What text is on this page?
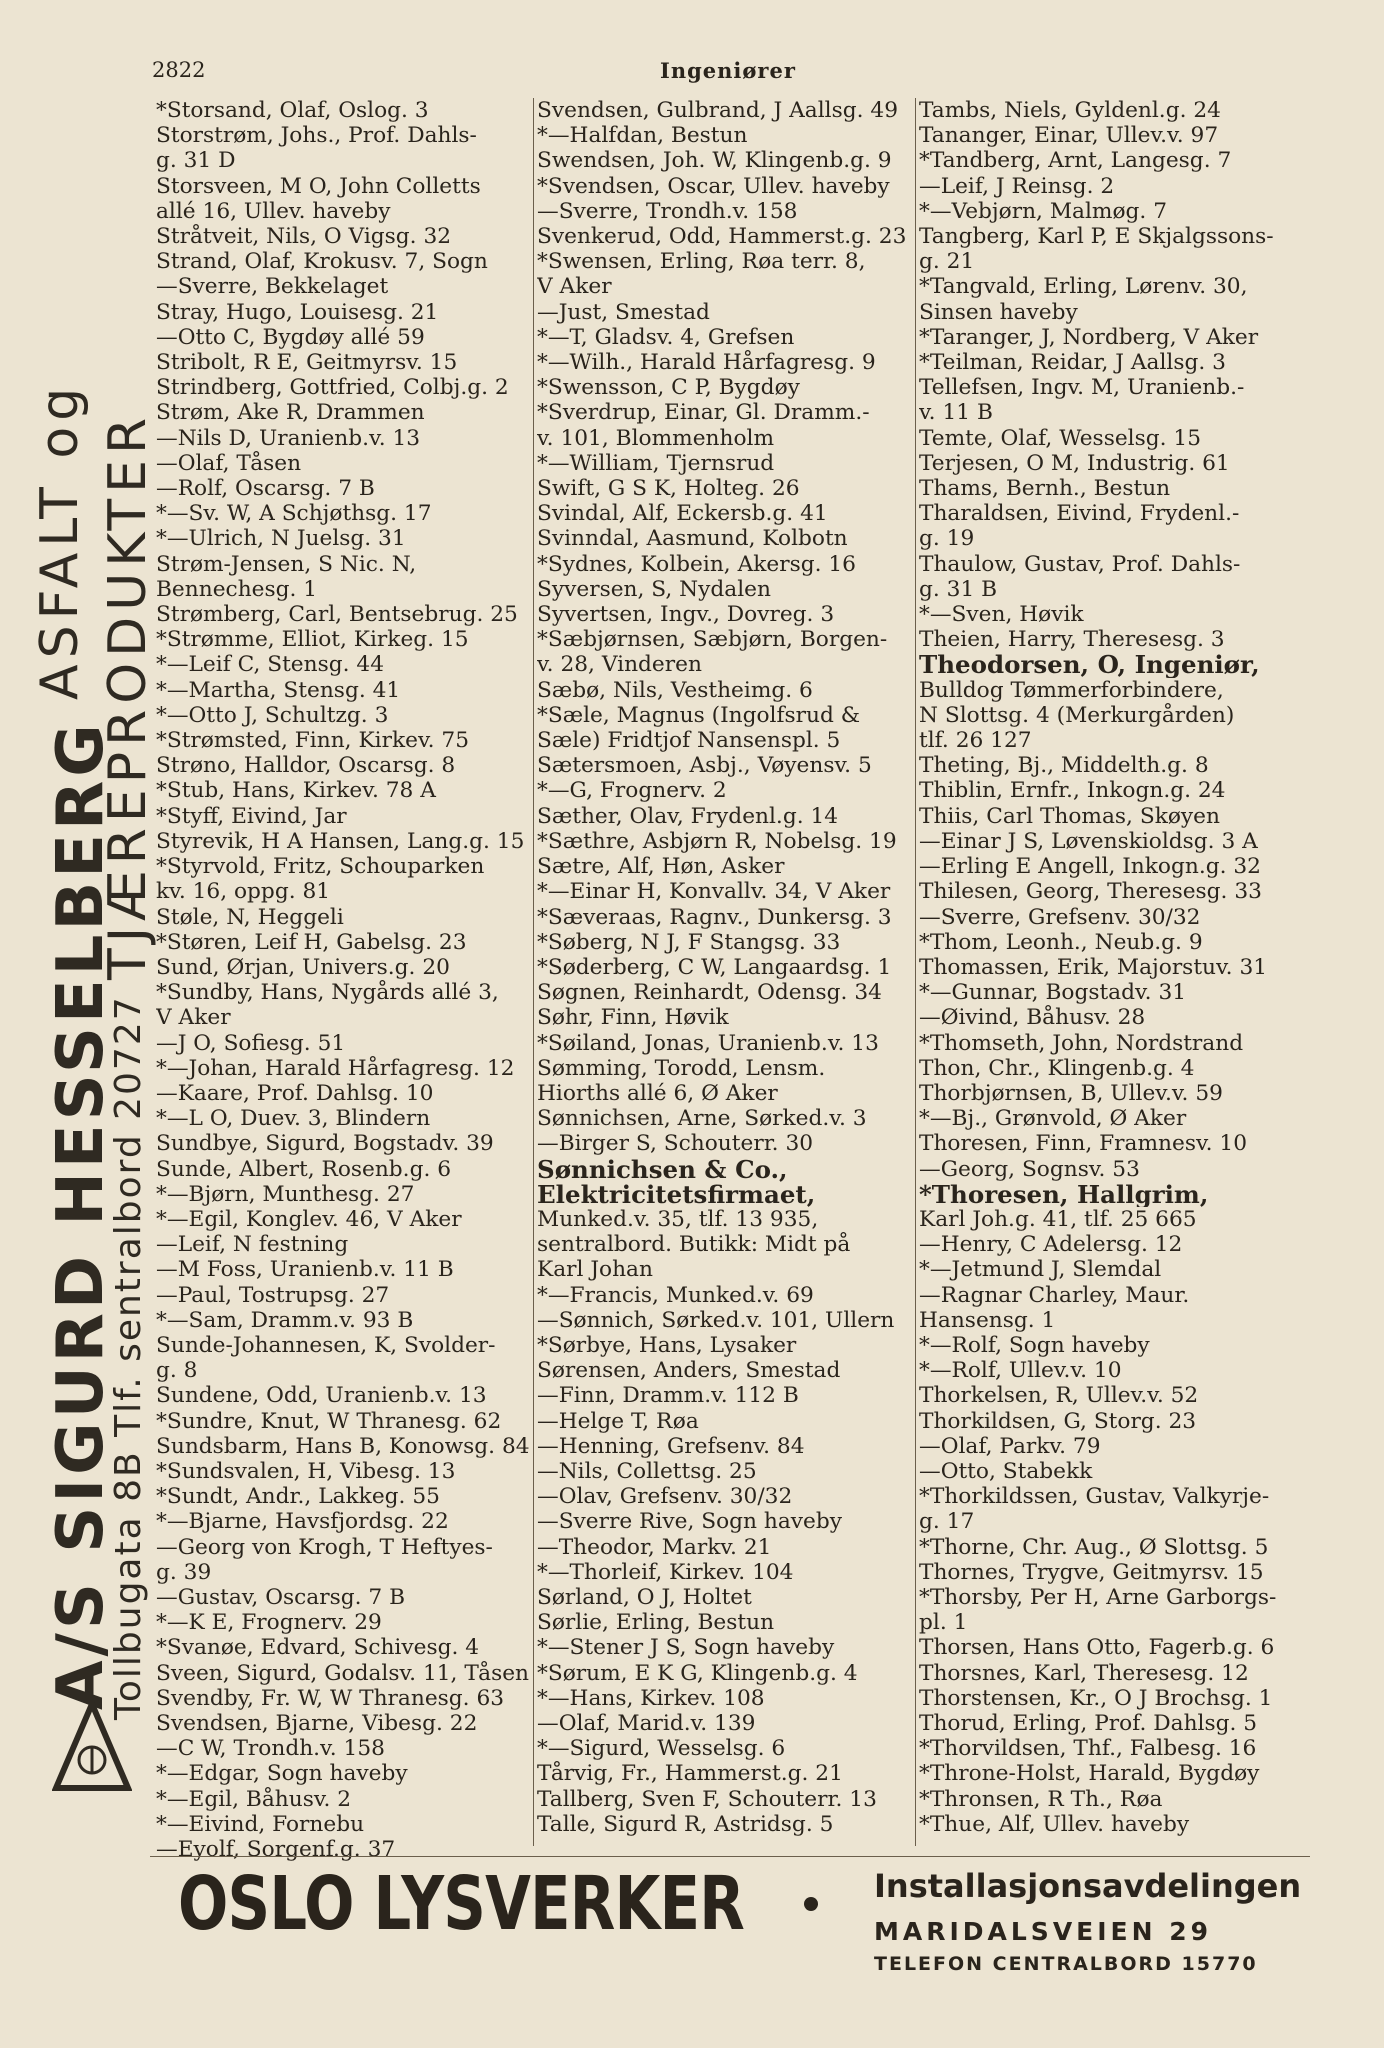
2822	Ingeniører
A/S SIGURD HESSELBERG
Tollbugata 8B Tlf. sentralbord 20727
ASFALT og TJÆREPRODUKTER
*Storsand, Olaf, Oslog. 3
Storstrøm, Johs., Prof. Dahls-
g. 31 D
Storsveen, M O, John Colletts
allé 16, Ullev. haveby
Stråtveit, Nils, O Vigsg. 32
Strand, Olaf, Krokusv. 7, Sogn
—Sverre, Bekkelaget
Stray, Hugo, Louisesg. 21
—Otto C, Bygdøy allé 59
Stribolt, R E, Geitmyrsv. 15
Strindberg, Gottfried, Colbj.g. 2
Strøm, Ake R, Drammen
—Nils D, Uranienb.v. 13
—Olaf, Tåsen
—Rolf, Oscarsg. 7 B
*—Sv. W, A Schjøthsg. 17
*—Ulrich, N Juelsg. 31
Strøm-Jensen, S Nic. N,
Bennechesg. 1
Strømberg, Carl, Bentsebrug. 25
*Strømme, Elliot, Kirkeg. 15
*—Leif C, Stensg. 44
*—Martha, Stensg. 41
*—Otto J, Schultzg. 3
*Strømsted, Finn, Kirkev. 75
Strøno, Halldor, Oscarsg. 8
*Stub, Hans, Kirkev. 78 A
*Styff, Eivind, Jar
Styrevik, H A Hansen, Lang.g. 15
*Styrvold, Fritz, Schouparken
kv. 16, oppg. 81
Støle, N, Heggeli
*Støren, Leif H, Gabelsg. 23
Sund, Ørjan, Univers.g. 20
*Sundby, Hans, Nygårds allé 3,
V Aker
—J O, Sofiesg. 51
*—Johan, Harald Hårfagresg. 12
—Kaare, Prof. Dahlsg. 10
*—L O, Duev. 3, Blindern
Sundbye, Sigurd, Bogstadv. 39
Sunde, Albert, Rosenb.g. 6
*—Bjørn, Munthesg. 27
*—Egil, Konglev. 46, V Aker
—Leif, N festning
—M Foss, Uranienb.v. 11 B
—Paul, Tostrupsg. 27
*—Sam, Dramm.v. 93 B
Sunde-Johannesen, K, Svolder-
g. 8
Sundene, Odd, Uranienb.v. 13
*Sundre, Knut, W Thranesg. 62
Sundsbarm, Hans B, Konowsg. 84
*Sundsvalen, H, Vibesg. 13
*Sundt, Andr., Lakkeg. 55
*—Bjarne, Havsfjordsg. 22
—Georg von Krogh, T Heftyes-
g. 39
—Gustav, Oscarsg. 7 B
*—K E, Frognerv. 29
*Svanøe, Edvard, Schivesg. 4
Sveen, Sigurd, Godalsv. 11, Tåsen
Svendby, Fr. W, W Thranesg. 63
Svendsen, Bjarne, Vibesg. 22
—C W, Trondh.v. 158
*—Edgar, Sogn haveby
*—Egil, Båhusv. 2
*—Eivind, Fornebu
—Eyolf, Sorgenf.g. 37
Svendsen, Gulbrand, J Aallsg. 49
*—Halfdan, Bestun
Swendsen, Joh. W, Klingenb.g. 9
*Svendsen, Oscar, Ullev. haveby
—Sverre, Trondh.v. 158
Svenkerud, Odd, Hammerst.g. 23
*Swensen, Erling, Røa terr. 8,
V Aker
—Just, Smestad
*—T, Gladsv. 4, Grefsen
*—Wilh., Harald Hårfagresg. 9
*Swensson, C P, Bygdøy
*Sverdrup, Einar, Gl. Dramm.-
v. 101, Blommenholm
*—William, Tjernsrud
Swift, G S K, Holteg. 26
Svindal, Alf, Eckersb.g. 41
Svinndal, Aasmund, Kolbotn
*Sydnes, Kolbein, Akersg. 16
Syversen, S, Nydalen
Syvertsen, Ingv., Dovreg. 3
*Sæbjørnsen, Sæbjørn, Borgen-
v. 28, Vinderen
Sæbø, Nils, Vestheimg. 6
*Sæle, Magnus (Ingolfsrud &
Sæle) Fridtjof Nansenspl. 5
Sætersmoen, Asbj., Vøyensv. 5
*—G, Frognerv. 2
Sæther, Olav, Frydenl.g. 14
*Sæthre, Asbjørn R, Nobelsg. 19
Sætre, Alf, Høn, Asker
*—Einar H, Konvallv. 34, V Aker
*Sæveraas, Ragnv., Dunkersg. 3
*Søberg, N J, F Stangsg. 33
*Søderberg, C W, Langaardsg. 1
Søgnen, Reinhardt, Odensg. 34
Søhr, Finn, Høvik
*Søiland, Jonas, Uranienb.v. 13
Sømming, Torodd, Lensm.
Hiorths allé 6, Ø Aker
Sønnichsen, Arne, Sørked.v. 3
—Birger S, Schouterr. 30
Sønnichsen & Co.,
Elektricitetsfirmaet,
Munked.v. 35, tlf. 13 935,
sentralbord. Butikk: Midt på
Karl Johan
*—Francis, Munked.v. 69
—Sønnich, Sørked.v. 101, Ullern
*Sørbye, Hans, Lysaker
Sørensen, Anders, Smestad
—Finn, Dramm.v. 112 B
—Helge T, Røa
—Henning, Grefsenv. 84
—Nils, Collettsg. 25
—Olav, Grefsenv. 30/32
—Sverre Rive, Sogn haveby
—Theodor, Markv. 21
*—Thorleif, Kirkev. 104
Sørland, O J, Holtet
Sørlie, Erling, Bestun
*—Stener J S, Sogn haveby
*Sørum, E K G, Klingenb.g. 4
*—Hans, Kirkev. 108
—Olaf, Marid.v. 139
*—Sigurd, Wesselsg. 6
Tårvig, Fr., Hammerst.g. 21
Tallberg, Sven F, Schouterr. 13
Talle, Sigurd R, Astridsg. 5
Tambs, Niels, Gyldenl.g. 24
Tananger, Einar, Ullev.v. 97
*Tandberg, Arnt, Langesg. 7
—Leif, J Reinsg. 2
*—Vebjørn, Malmøg. 7
Tangberg, Karl P, E Skjalgssons-
g. 21
*Tangvald, Erling, Lørenv. 30,
Sinsen haveby
*Taranger, J, Nordberg, V Aker
*Teilman, Reidar, J Aallsg. 3
Tellefsen, Ingv. M, Uranienb.-
v. 11 B
Temte, Olaf, Wesselsg. 15
Terjesen, O M, Industrig. 61
Thams, Bernh., Bestun
Tharaldsen, Eivind, Frydenl.-
g. 19
Thaulow, Gustav, Prof. Dahls-
g. 31 B
*—Sven, Høvik
Theien, Harry, Theresesg. 3
Theodorsen, O, Ingeniør,
Bulldog Tømmerforbindere,
N Slottsg. 4 (Merkurgården)
tlf. 26 127
Theting, Bj., Middelth.g. 8
Thiblin, Ernfr., Inkogn.g. 24
Thiis, Carl Thomas, Skøyen
—Einar J S, Løvenskioldsg. 3 A
—Erling E Angell, Inkogn.g. 32
Thilesen, Georg, Theresesg. 33
—Sverre, Grefsenv. 30/32
*Thom, Leonh., Neub.g. 9
Thomassen, Erik, Majorstuv. 31
*—Gunnar, Bogstadv. 31
—Øivind, Båhusv. 28
*Thomseth, John, Nordstrand
Thon, Chr., Klingenb.g. 4
Thorbjørnsen, B, Ullev.v. 59
*—Bj., Grønvold, Ø Aker
Thoresen, Finn, Framnesv. 10
—Georg, Sognsv. 53
*Thoresen, Hallgrim,
Karl Joh.g. 41, tlf. 25 665
—Henry, C Adelersg. 12
*—Jetmund J, Slemdal
—Ragnar Charley, Maur.
Hansensg. 1
*—Rolf, Sogn haveby
*—Rolf, Ullev.v. 10
Thorkelsen, R, Ullev.v. 52
Thorkildsen, G, Storg. 23
—Olaf, Parkv. 79
—Otto, Stabekk
*Thorkildssen, Gustav, Valkyrje-
g. 17
*Thorne, Chr. Aug., Ø Slottsg. 5
Thornes, Trygve, Geitmyrsv. 15
*Thorsby, Per H, Arne Garborgs-
pl. 1
Thorsen, Hans Otto, Fagerb.g. 6
Thorsnes, Karl, Theresesg. 12
Thorstensen, Kr., O J Brochsg. 1
Thorud, Erling, Prof. Dahlsg. 5
*Thorvildsen, Thf., Falbesg. 16
*Throne-Holst, Harald, Bygdøy
*Thronsen, R Th., Røa
*Thue, Alf, Ullev. haveby
OSLO LYSVERKER	Installasjonsavdelingen
MARIDALSVEIEN 29
TELEFON CENTRALBORD 15770
